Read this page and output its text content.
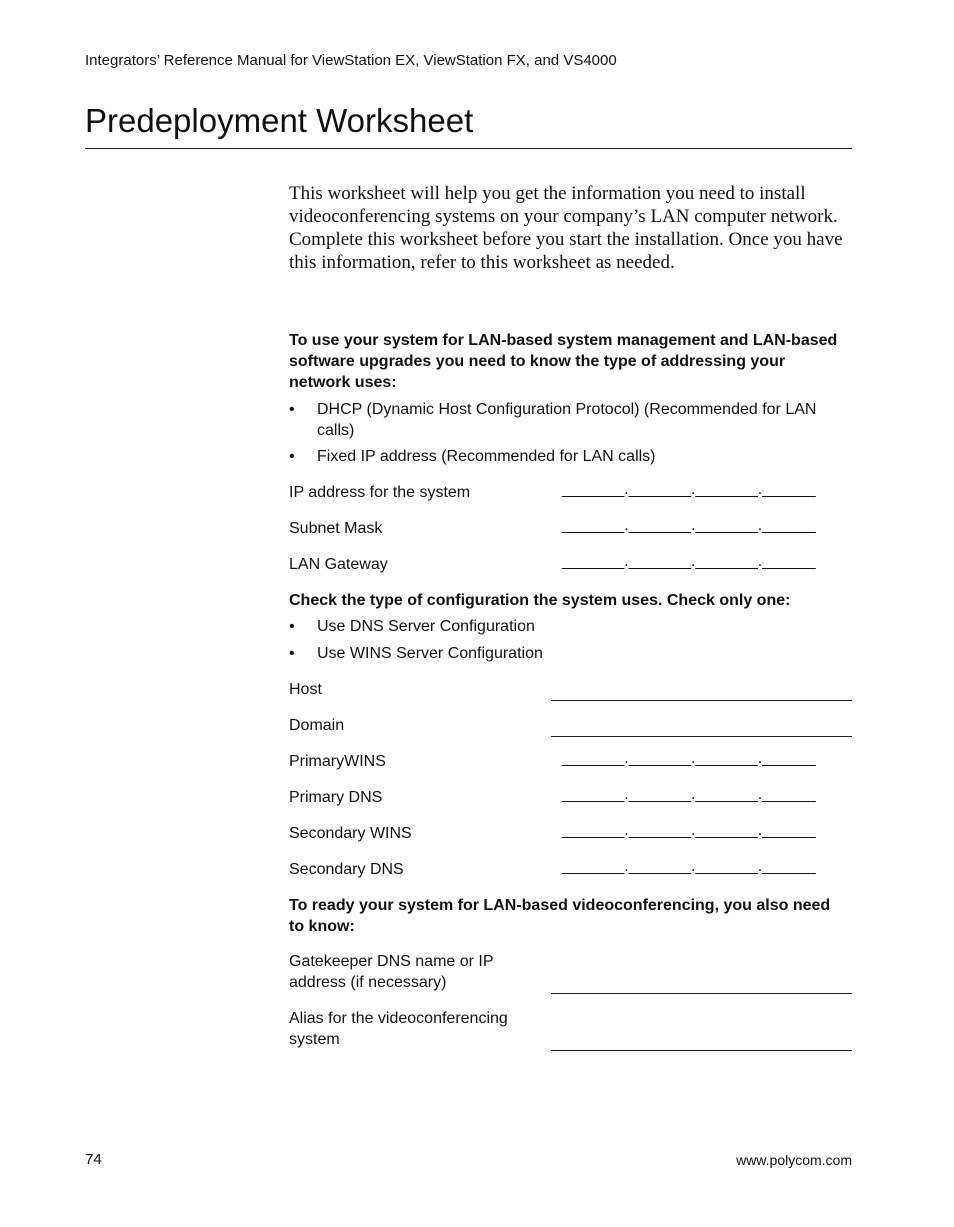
Integrators’ Reference Manual for ViewStation EX, ViewStation FX, and VS4000
Predeployment Worksheet
This worksheet will help you get the information you need to install videoconferencing systems on your company’s LAN computer network. Complete this worksheet before you start the installation. Once you have this information, refer to this worksheet as needed.
To use your system for LAN-based system management and LAN-based software upgrades you need to know the type of addressing your network uses:
• DHCP (Dynamic Host Configuration Protocol) (Recommended for LAN calls)
• Fixed IP address (Recommended for LAN calls)
IP address for the system	_______._______._______.______
Subnet Mask	_______._______._______.______
LAN Gateway	_______._______._______.______
Check the type of configuration the system uses. Check only one:
• Use DNS Server Configuration
• Use WINS Server Configuration
Host
Domain
PrimaryWINS	_______._______._______.______
Primary DNS	_______._______._______.______
Secondary WINS	_______._______._______.______
Secondary DNS	_______._______._______.______
To ready your system for LAN-based videoconferencing, you also need to know:
Gatekeeper DNS name or IP address (if necessary)
Alias for the videoconferencing system
74	www.polycom.com
